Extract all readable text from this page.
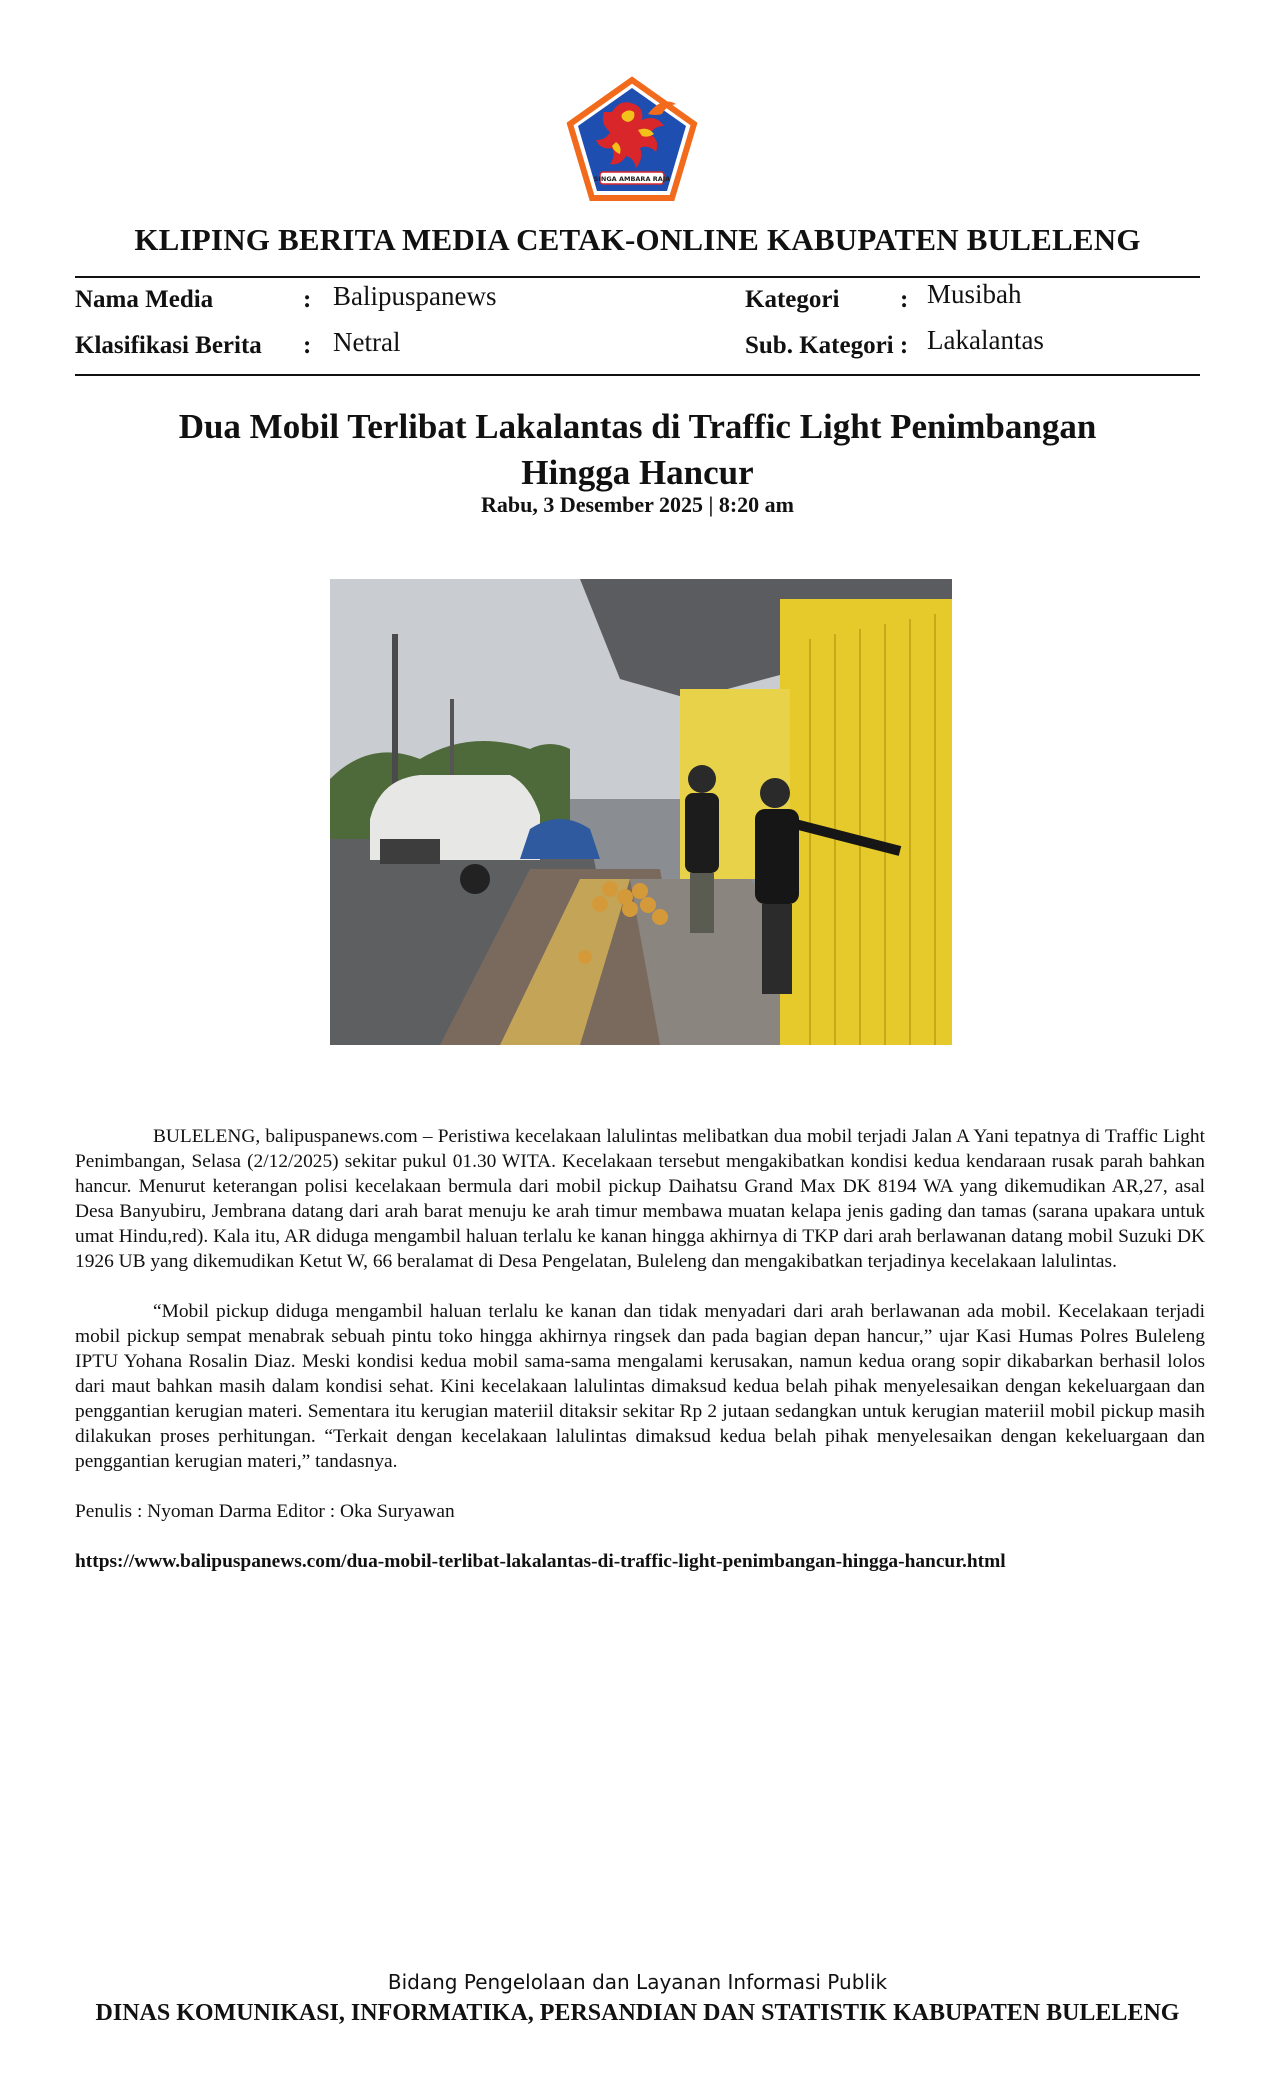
SINGA AMBARA RAJA
KLIPING BERITA MEDIA CETAK-ONLINE KABUPATEN BULELENG
Nama Media	: Balipuspanews
Klasifikasi Berita : Netral
Kategori : Musibah
Sub. Kategori : Lakalantas
Dua Mobil Terlibat Lakalantas di Traffic Light Penimbangan
Hingga Hancur
Rabu, 3 Desember 2025 | 8:20 am

BULELENG, balipuspanews.com – Peristiwa kecelakaan lalulintas melibatkan dua mobil terjadi Jalan A Yani tepatnya di Traffic Light Penimbangan, Selasa (2/12/2025) sekitar pukul 01.30 WITA. Kecelakaan tersebut mengakibatkan kondisi kedua kendaraan rusak parah bahkan hancur. Menurut keterangan polisi kecelakaan bermula dari mobil pickup Daihatsu Grand Max DK 8194 WA yang dikemudikan AR,27, asal Desa Banyubiru, Jembrana datang dari arah barat menuju ke arah timur membawa muatan kelapa jenis gading dan tamas (sarana upakara untuk umat Hindu,red). Kala itu, AR diduga mengambil haluan terlalu ke kanan hingga akhirnya di TKP dari arah berlawanan datang mobil Suzuki DK 1926 UB yang dikemudikan Ketut W, 66 beralamat di Desa Pengelatan, Buleleng dan mengakibatkan terjadinya kecelakaan lalulintas.

“Mobil pickup diduga mengambil haluan terlalu ke kanan dan tidak menyadari dari arah berlawanan ada mobil. Kecelakaan terjadi mobil pickup sempat menabrak sebuah pintu toko hingga akhirnya ringsek dan pada bagian depan hancur,” ujar Kasi Humas Polres Buleleng IPTU Yohana Rosalin Diaz. Meski kondisi kedua mobil sama-sama mengalami kerusakan, namun kedua orang sopir dikabarkan berhasil lolos dari maut bahkan masih dalam kondisi sehat. Kini kecelakaan lalulintas dimaksud kedua belah pihak menyelesaikan dengan kekeluargaan dan penggantian kerugian materi. Sementara itu kerugian materiil ditaksir sekitar Rp 2 jutaan sedangkan untuk kerugian materiil mobil pickup masih dilakukan proses perhitungan. “Terkait dengan kecelakaan lalulintas dimaksud kedua belah pihak menyelesaikan dengan kekeluargaan dan penggantian kerugian materi,” tandasnya.

Penulis : Nyoman Darma Editor : Oka Suryawan

https://www.balipuspanews.com/dua-mobil-terlibat-lakalantas-di-traffic-light-penimbangan-hingga-hancur.html

Bidang Pengelolaan dan Layanan Informasi Publik
DINAS KOMUNIKASI, INFORMATIKA, PERSANDIAN DAN STATISTIK KABUPATEN BULELENG
